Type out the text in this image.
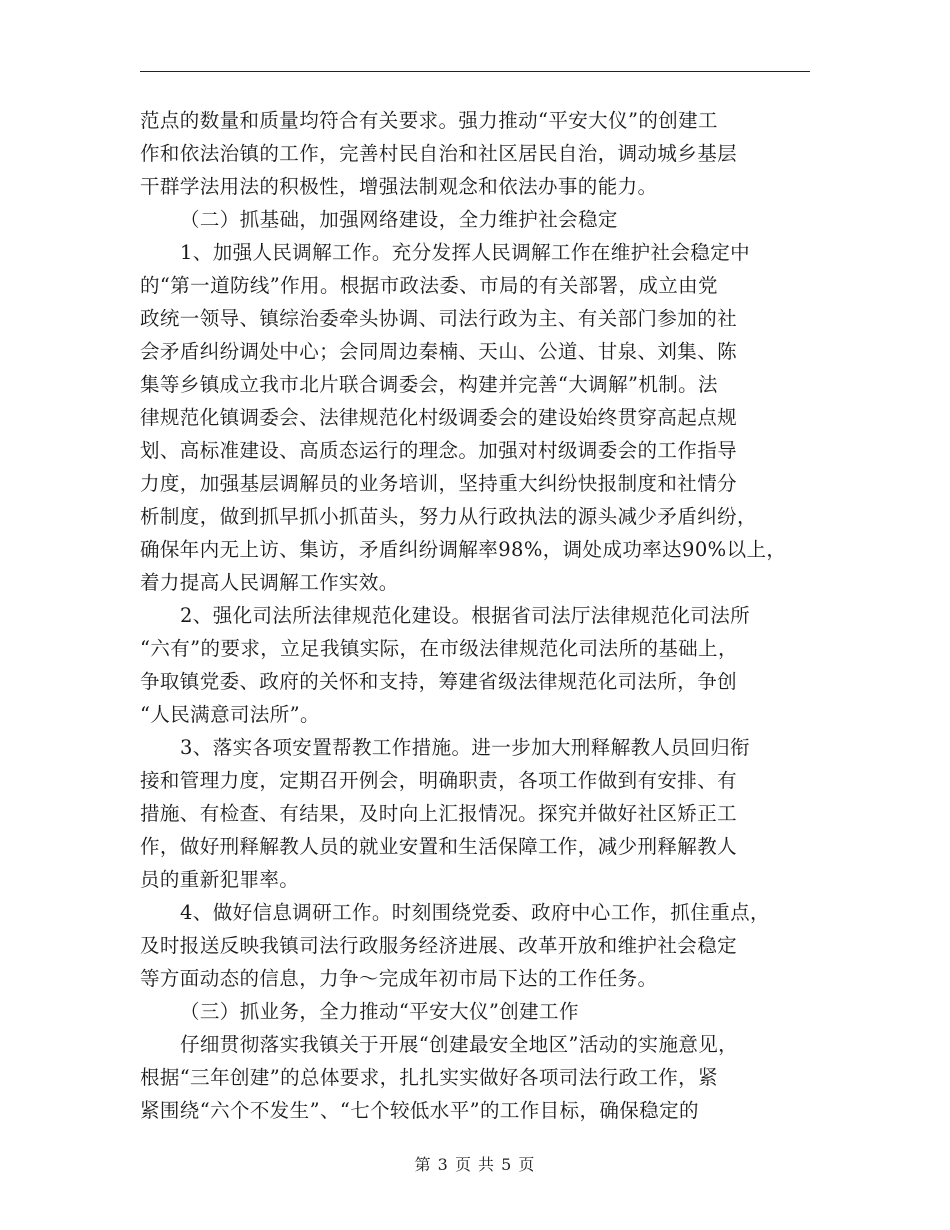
范点的数量和质量均符合有关要求。强力推动“平安大仪”的创建工
作和依法治镇的工作，完善村民自治和社区居民自治，调动城乡基层
干群学法用法的积极性，增强法制观念和依法办事的能力。
（二）抓基础，加强网络建设，全力维护社会稳定
1、加强人民调解工作。充分发挥人民调解工作在维护社会稳定中
的“第一道防线”作用。根据市政法委、市局的有关部署，成立由党
政统一领导、镇综治委牵头协调、司法行政为主、有关部门参加的社
会矛盾纠纷调处中心；会同周边秦楠、天山、公道、甘泉、刘集、陈
集等乡镇成立我市北片联合调委会，构建并完善“大调解”机制。法
律规范化镇调委会、法律规范化村级调委会的建设始终贯穿高起点规
划、高标准建设、高质态运行的理念。加强对村级调委会的工作指导
力度，加强基层调解员的业务培训，坚持重大纠纷快报制度和社情分
析制度，做到抓早抓小抓苗头，努力从行政执法的源头减少矛盾纠纷，
确保年内无上访、集访，矛盾纠纷调解率98%，调处成功率达90%以上，
着力提高人民调解工作实效。
2、强化司法所法律规范化建设。根据省司法厅法律规范化司法所
“六有”的要求，立足我镇实际，在市级法律规范化司法所的基础上，
争取镇党委、政府的关怀和支持，筹建省级法律规范化司法所，争创
“人民满意司法所”。
3、落实各项安置帮教工作措施。进一步加大刑释解教人员回归衔
接和管理力度，定期召开例会，明确职责，各项工作做到有安排、有
措施、有检查、有结果，及时向上汇报情况。探究并做好社区矫正工
作，做好刑释解教人员的就业安置和生活保障工作，减少刑释解教人
员的重新犯罪率。
4、做好信息调研工作。时刻围绕党委、政府中心工作，抓住重点，
及时报送反映我镇司法行政服务经济进展、改革开放和维护社会稳定
等方面动态的信息，力争～完成年初市局下达的工作任务。
（三）抓业务，全力推动“平安大仪”创建工作
仔细贯彻落实我镇关于开展“创建最安全地区”活动的实施意见，
根据“三年创建”的总体要求，扎扎实实做好各项司法行政工作，紧
紧围绕“六个不发生”、“七个较低水平”的工作目标，确保稳定的
第 3 页 共 5 页
